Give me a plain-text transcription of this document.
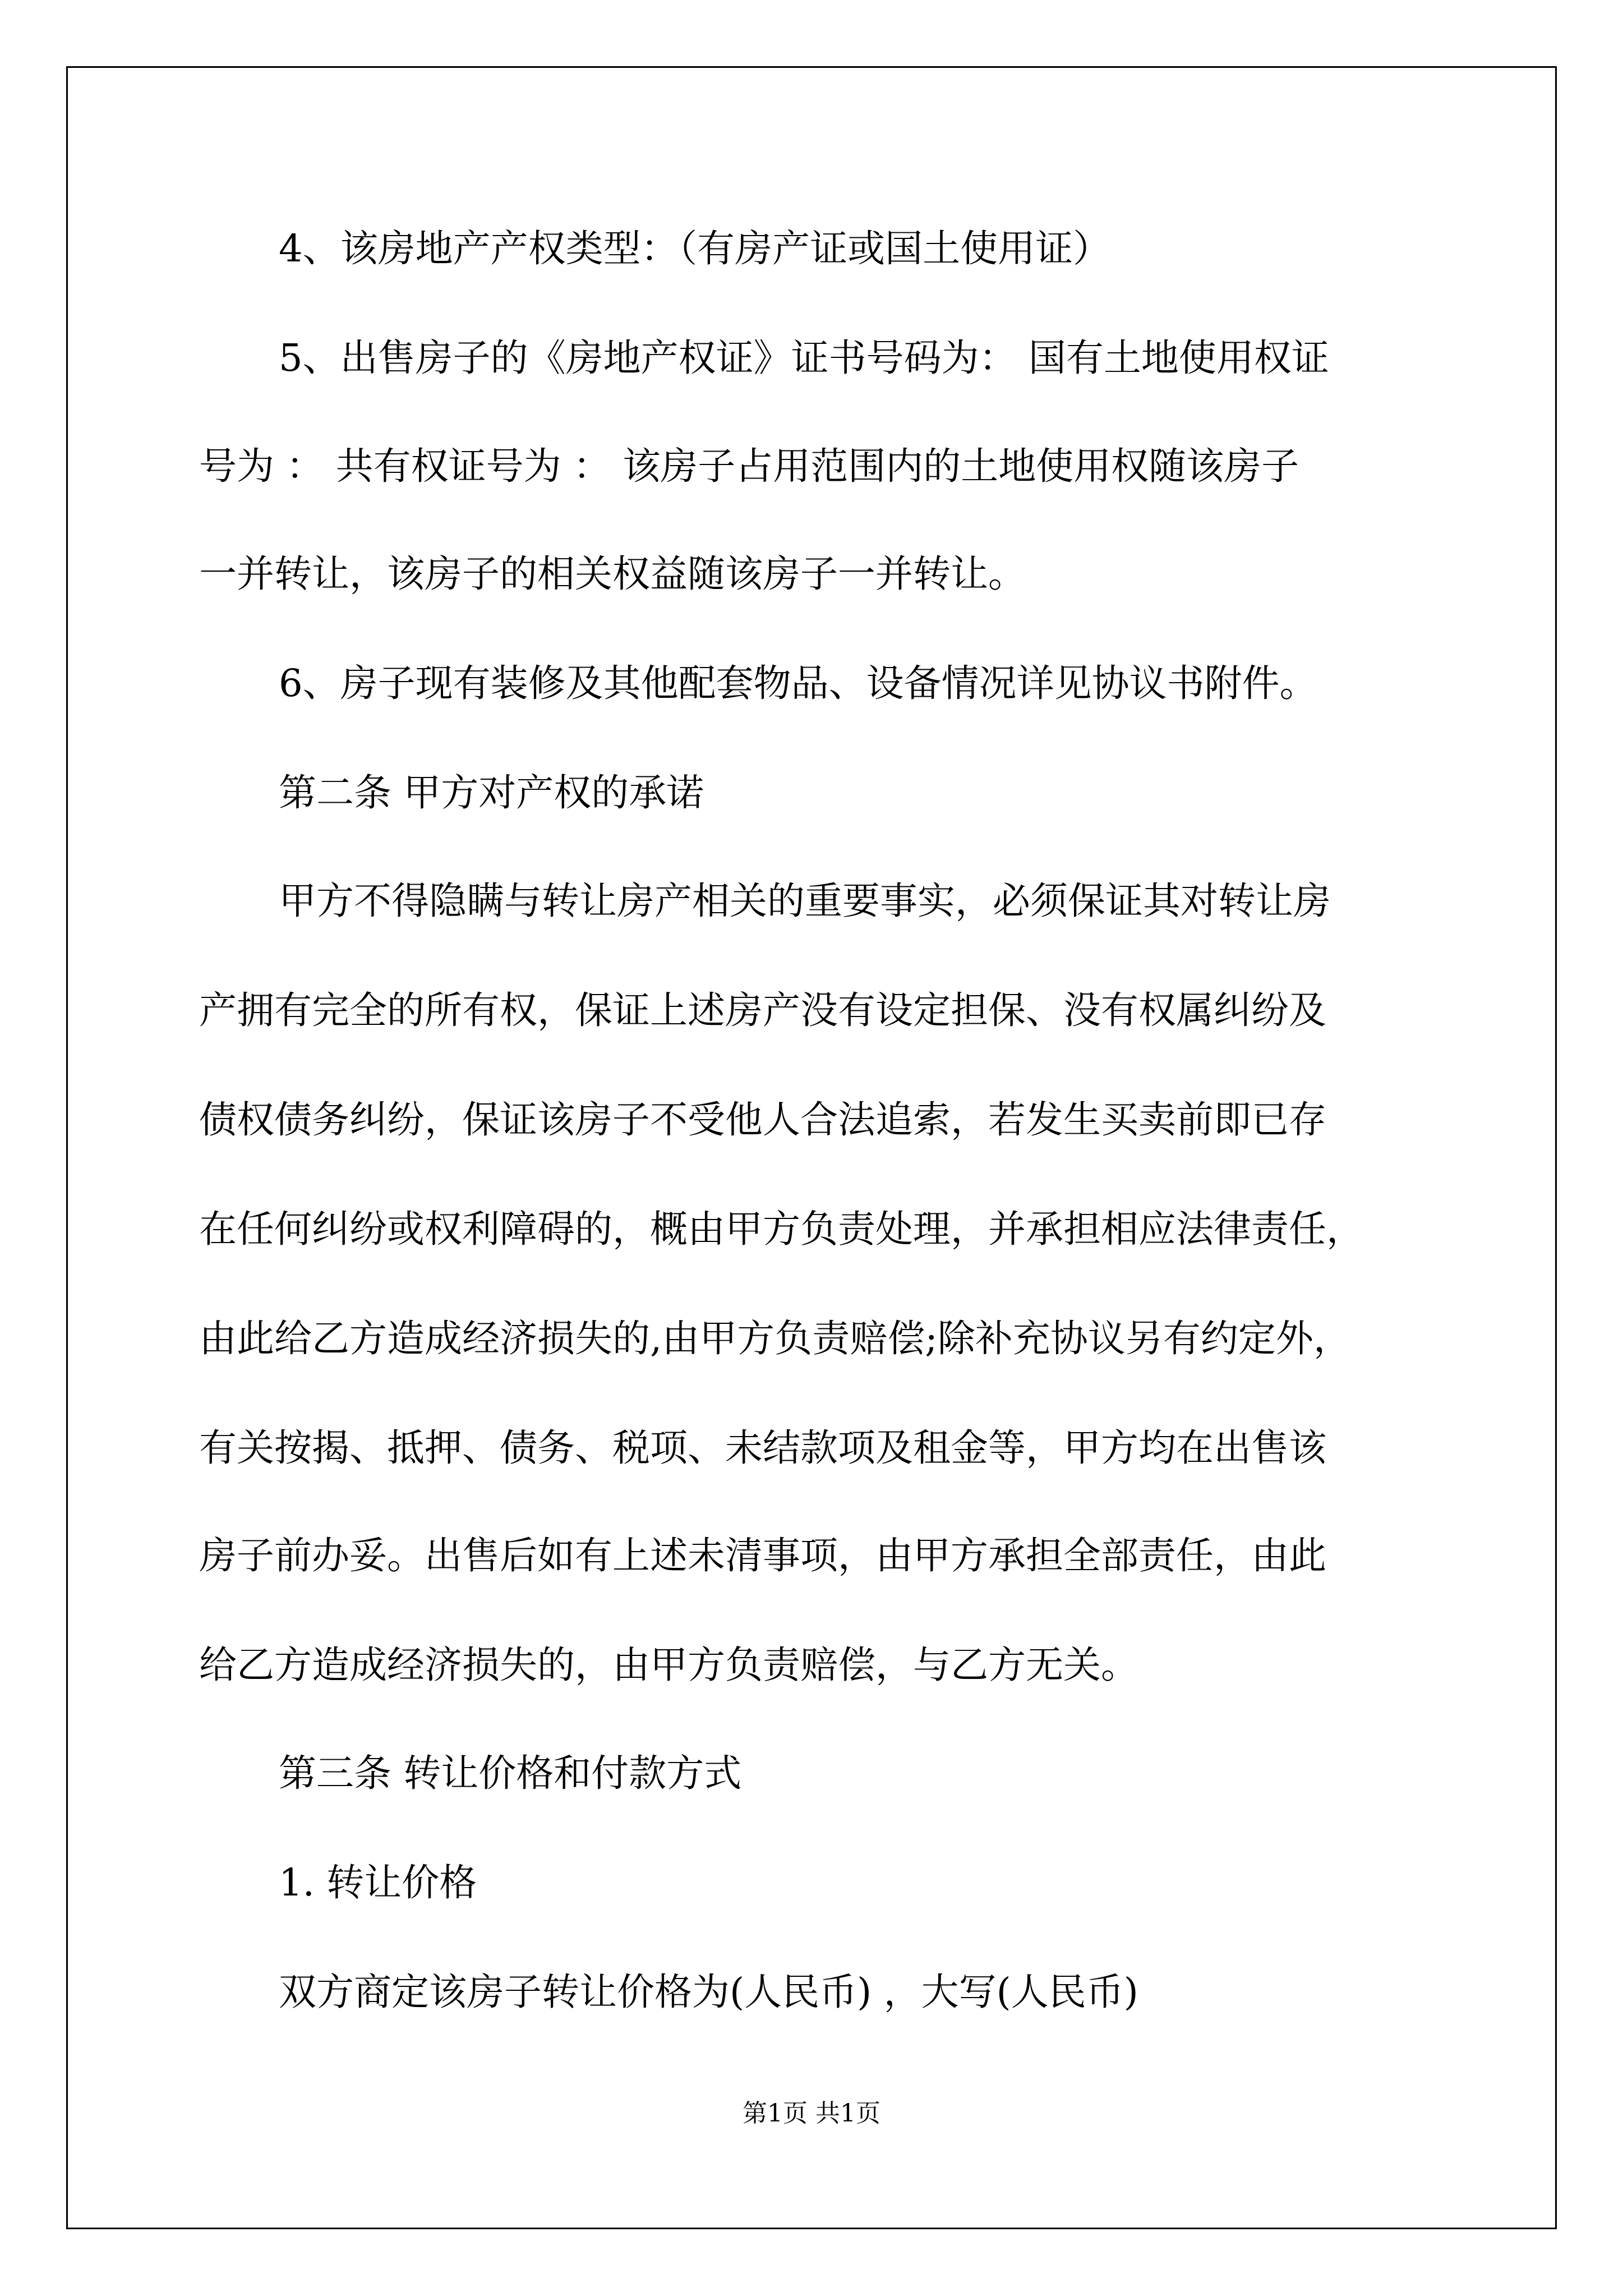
4、该房地产产权类型：（有房产证或国土使用证）
5、出售房子的《房地产权证》证书号码为： 国有土地使用权证
号为 ： 共有权证号为 ： 该房子占用范围内的土地使用权随该房子
一并转让，该房子的相关权益随该房子一并转让。
6、房子现有装修及其他配套物品、设备情况详见协议书附件。
第二条 甲方对产权的承诺
甲方不得隐瞒与转让房产相关的重要事实，必须保证其对转让房
产拥有完全的所有权，保证上述房产没有设定担保、没有权属纠纷及
债权债务纠纷，保证该房子不受他人合法追索，若发生买卖前即已存
在任何纠纷或权利障碍的，概由甲方负责处理，并承担相应法律责任，
由此给乙方造成经济损失的,由甲方负责赔偿;除补充协议另有约定外，
有关按揭、抵押、债务、税项、未结款项及租金等，甲方均在出售该
房子前办妥。出售后如有上述未清事项，由甲方承担全部责任，由此
给乙方造成经济损失的，由甲方负责赔偿，与乙方无关。
第三条 转让价格和付款方式
1. 转让价格
双方商定该房子转让价格为(人民币) ，大写(人民币)
第1页 共1页
